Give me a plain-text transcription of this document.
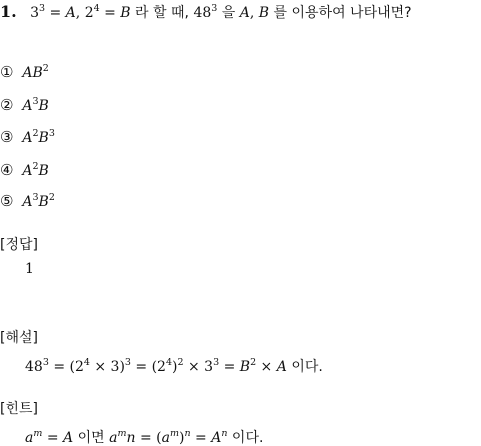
1. $3^3 = A$, $2^4 = B$ 라 할 때, $48^3$ 을 A, B 를 이용하여 나타내면?
① $AB^2$
② $A^3B$
③ $A^2B^3$
④ $A^2B$
⑤ $A^3B^2$
[정답]
1
[해설]
$48^3 = (2^4 \times 3)^3 = (2^4)^2 \times 3^3 = B^2 \times A$ 이다.
[힌트]
$a^m = A$ 이면 $a^mn = (a^m)^n = A^n$ 이다.
